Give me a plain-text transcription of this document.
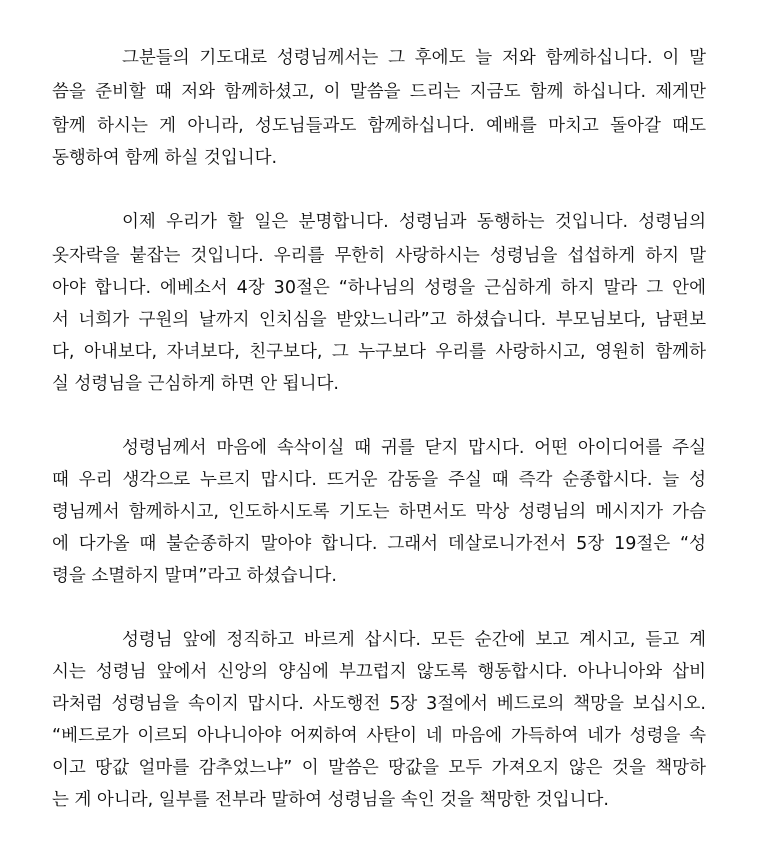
그분들의 기도대로 성령님께서는 그 후에도 늘 저와 함께하십니다. 이 말
씀을 준비할 때 저와 함께하셨고, 이 말씀을 드리는 지금도 함께 하십니다. 제게만
함께 하시는 게 아니라, 성도님들과도 함께하십니다. 예배를 마치고 돌아갈 때도
동행하여 함께 하실 것입니다.
이제 우리가 할 일은 분명합니다. 성령님과 동행하는 것입니다. 성령님의
옷자락을 붙잡는 것입니다. 우리를 무한히 사랑하시는 성령님을 섭섭하게 하지 말
아야 합니다. 에베소서 4장 30절은 “하나님의 성령을 근심하게 하지 말라 그 안에
서 너희가 구원의 날까지 인치심을 받았느니라”고 하셨습니다. 부모님보다, 남편보
다, 아내보다, 자녀보다, 친구보다, 그 누구보다 우리를 사랑하시고, 영원히 함께하
실 성령님을 근심하게 하면 안 됩니다.
성령님께서 마음에 속삭이실 때 귀를 닫지 맙시다. 어떤 아이디어를 주실
때 우리 생각으로 누르지 맙시다. 뜨거운 감동을 주실 때 즉각 순종합시다. 늘 성
령님께서 함께하시고, 인도하시도록 기도는 하면서도 막상 성령님의 메시지가 가슴
에 다가올 때 불순종하지 말아야 합니다. 그래서 데살로니가전서 5장 19절은 “성
령을 소멸하지 말며”라고 하셨습니다.
성령님 앞에 정직하고 바르게 삽시다. 모든 순간에 보고 계시고, 듣고 계
시는 성령님 앞에서 신앙의 양심에 부끄럽지 않도록 행동합시다. 아나니아와 삽비
라처럼 성령님을 속이지 맙시다. 사도행전 5장 3절에서 베드로의 책망을 보십시오.
“베드로가 이르되 아나니아야 어찌하여 사탄이 네 마음에 가득하여 네가 성령을 속
이고 땅값 얼마를 감추었느냐” 이 말씀은 땅값을 모두 가져오지 않은 것을 책망하
는 게 아니라, 일부를 전부라 말하여 성령님을 속인 것을 책망한 것입니다.
